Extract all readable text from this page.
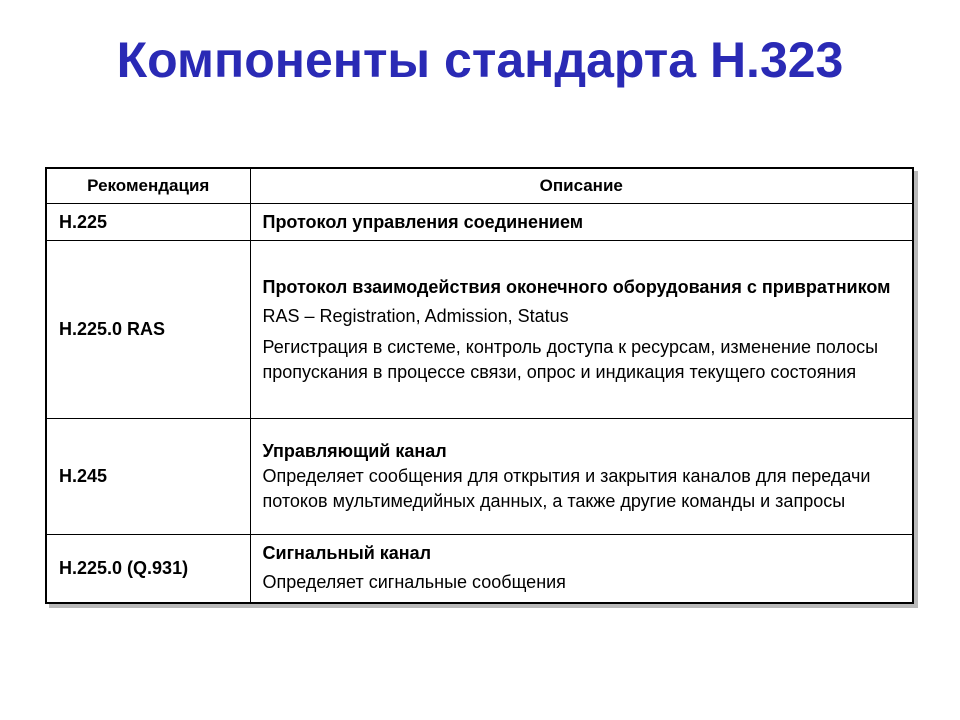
Компоненты стандарта H.323
Рекомендация	Описание
H.225	Протокол управления соединением

H.225.0 RAS	Протокол взаимодействия оконечного оборудования с привратником
RAS – Registration, Admission, Status
Регистрация в системе, контроль доступа к ресурсам, изменение полосы пропускания в процессе связи, опрос и индикация текущего состояния

H.245	Управляющий канал
Определяет сообщения для открытия и закрытия каналов для передачи потоков мультимедийных данных, а также другие команды и запросы

H.225.0 (Q.931)	Сигнальный канал
Определяет сигнальные сообщения
